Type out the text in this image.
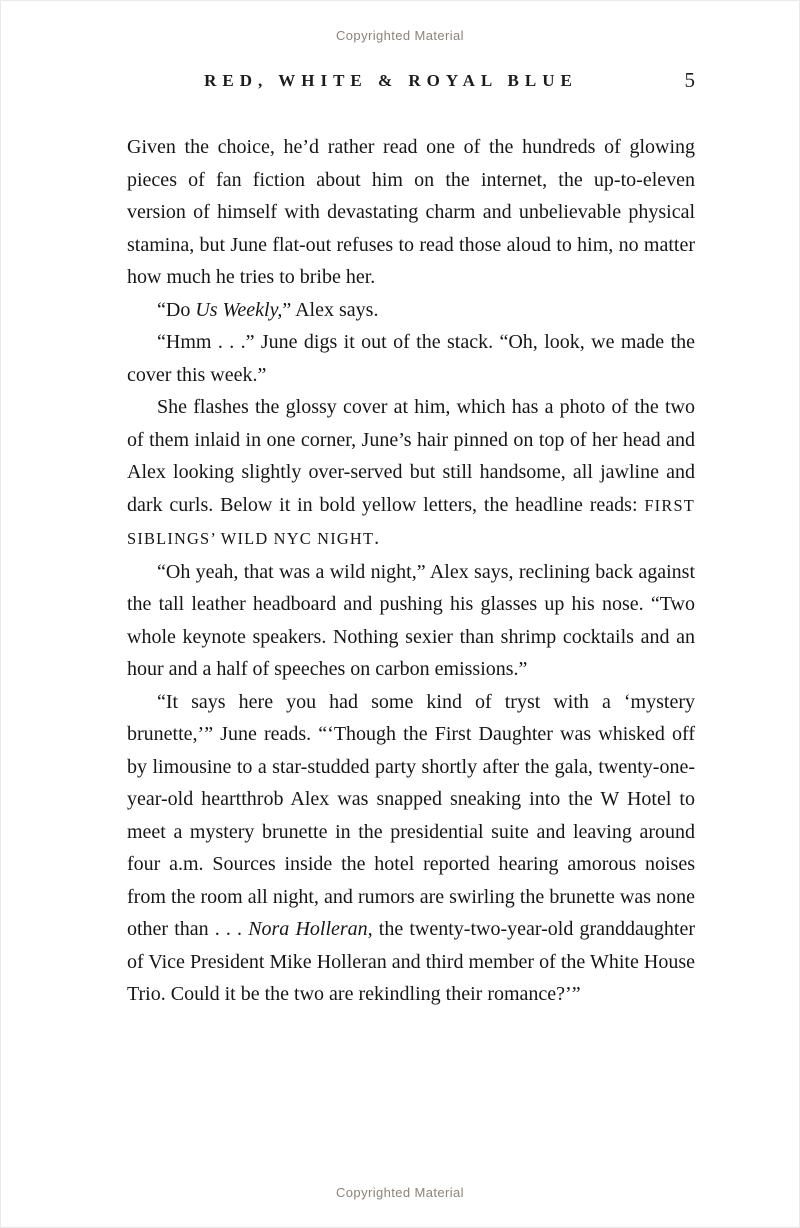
Copyrighted Material
RED, WHITE & ROYAL BLUE	5

Given the choice, he’d rather read one of the hundreds of glowing pieces of fan fiction about him on the internet, the up-to-eleven version of himself with devastating charm and unbelievable physical stamina, but June flat-out refuses to read those aloud to him, no matter how much he tries to bribe her.

“Do Us Weekly,” Alex says.

“Hmm . . .” June digs it out of the stack. “Oh, look, we made the cover this week.”

She flashes the glossy cover at him, which has a photo of the two of them inlaid in one corner, June’s hair pinned on top of her head and Alex looking slightly over-served but still handsome, all jawline and dark curls. Below it in bold yellow letters, the headline reads: FIRST SIBLINGS’ WILD NYC NIGHT.

“Oh yeah, that was a wild night,” Alex says, reclining back against the tall leather headboard and pushing his glasses up his nose. “Two whole keynote speakers. Nothing sexier than shrimp cocktails and an hour and a half of speeches on carbon emissions.”

“It says here you had some kind of tryst with a ‘mystery brunette,’” June reads. “‘Though the First Daughter was whisked off by limousine to a star-studded party shortly after the gala, twenty-one-year-old heartthrob Alex was snapped sneaking into the W Hotel to meet a mystery brunette in the presidential suite and leaving around four a.m. Sources inside the hotel reported hearing amorous noises from the room all night, and rumors are swirling the brunette was none other than . . . Nora Holleran, the twenty-two-year-old granddaughter of Vice President Mike Holleran and third member of the White House Trio. Could it be the two are rekindling their romance?’”

Copyrighted Material
